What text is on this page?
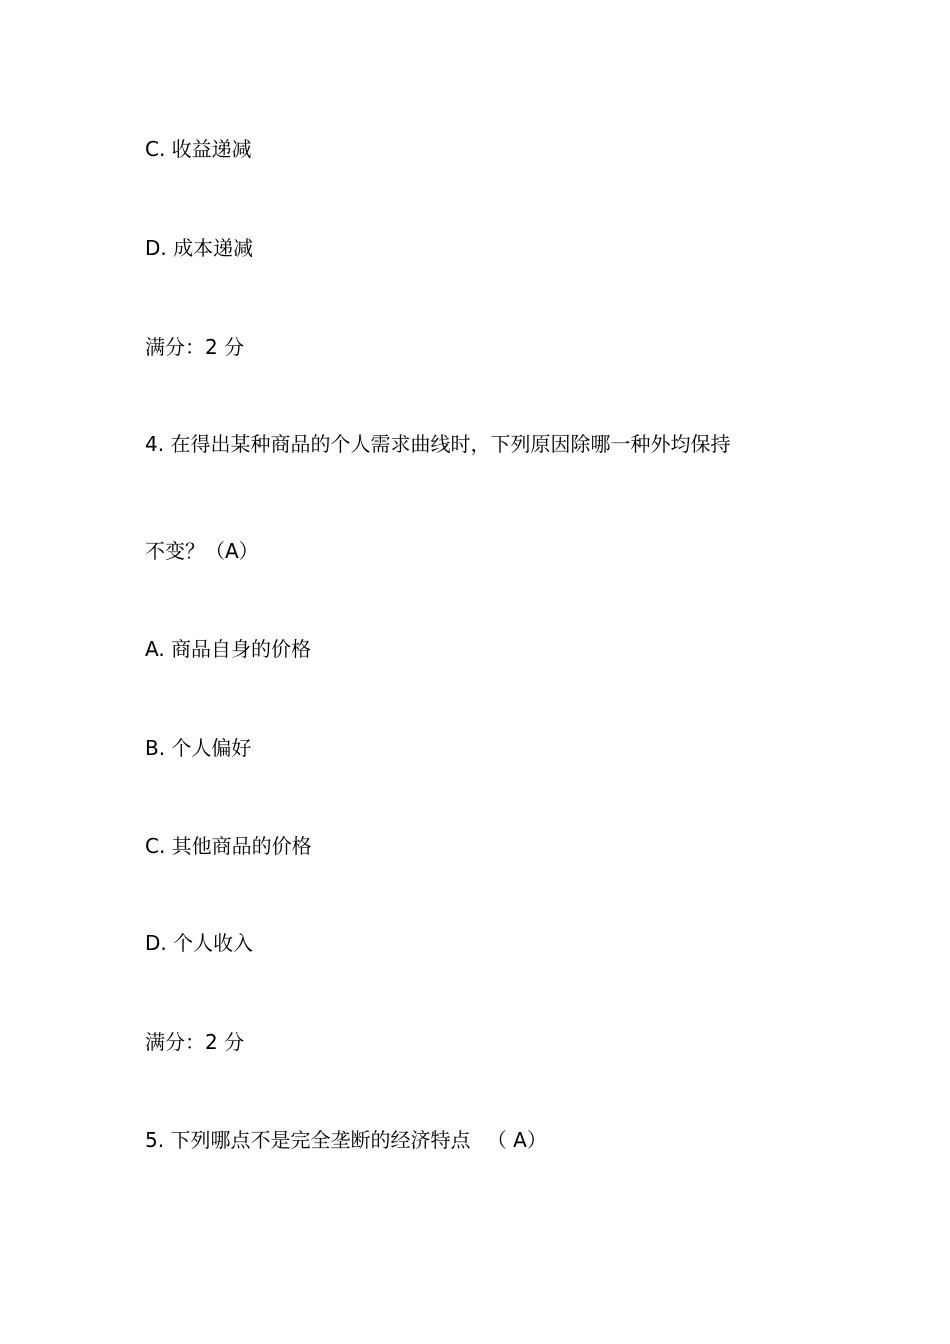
C. 收益递减
D. 成本递减
满分：2 分
4. 在得出某种商品的个人需求曲线时，下列原因除哪一种外均保持
不变？（A）
A. 商品自身的价格
B. 个人偏好
C. 其他商品的价格
D. 个人收入
满分：2 分
5. 下列哪点不是完全垄断的经济特点 　（ A）
